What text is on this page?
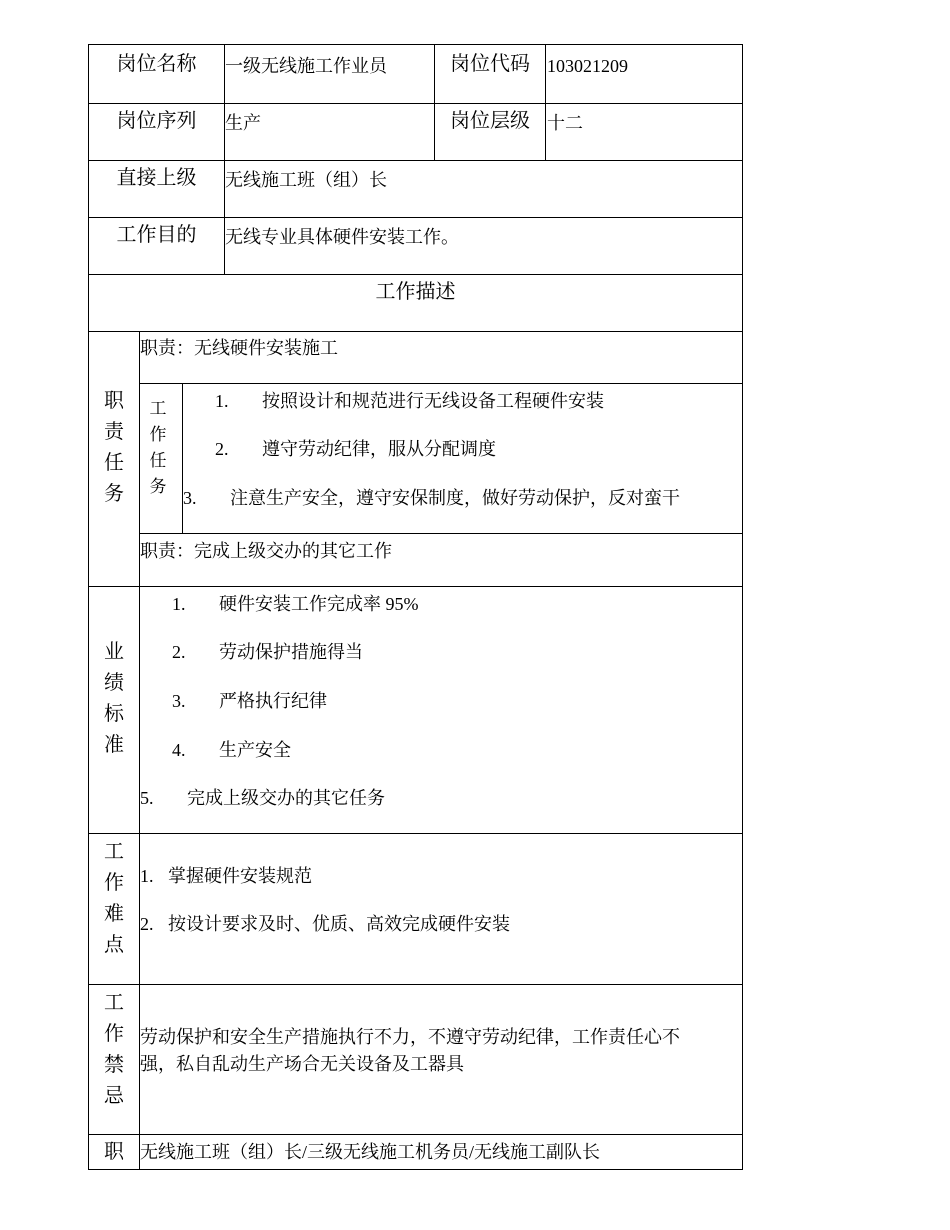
岗位名称	一级无线施工作业员	岗位代码 103021209
岗位序列	生产	岗位层级 十二
直接上级	无线施工班（组）长
工作目的	无线专业具体硬件安装工作。
工作描述
职责任务
职责：无线硬件安装施工
工作任务
1. 按照设计和规范进行无线设备工程硬件安装
2. 遵守劳动纪律，服从分配调度
3. 注意生产安全，遵守安保制度，做好劳动保护，反对蛮干
职责：完成上级交办的其它工作
业绩标准
1. 硬件安装工作完成率 95%
2. 劳动保护措施得当
3. 严格执行纪律
4. 生产安全
5. 完成上级交办的其它任务
工作难点
1. 掌握硬件安装规范
2. 按设计要求及时、优质、高效完成硬件安装
工作禁忌
劳动保护和安全生产措施执行不力，不遵守劳动纪律，工作责任心不
强，私自乱动生产场合无关设备及工器具
职 无线施工班（组）长/三级无线施工机务员/无线施工副队长
